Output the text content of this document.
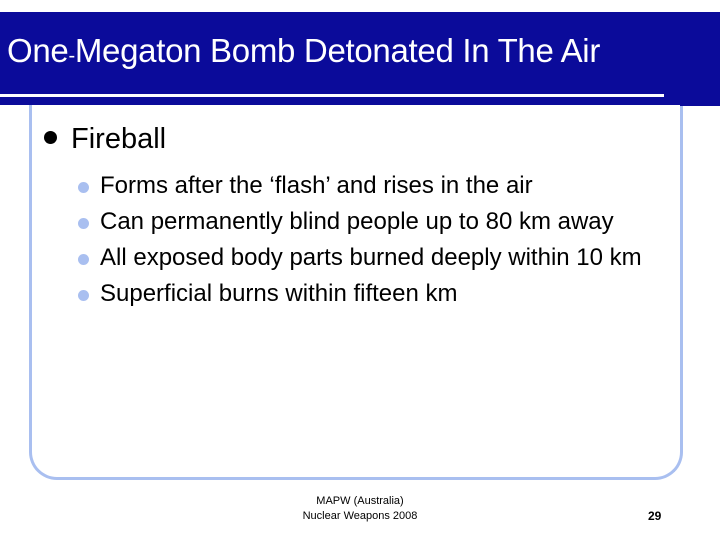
One-Megaton Bomb Detonated In The Air
Fireball
Forms after the ‘flash’ and rises in the air
Can permanently blind people up to 80 km away
All exposed body parts burned deeply within 10 km
Superficial burns within fifteen km
MAPW (Australia)
Nuclear Weapons 2008	29
